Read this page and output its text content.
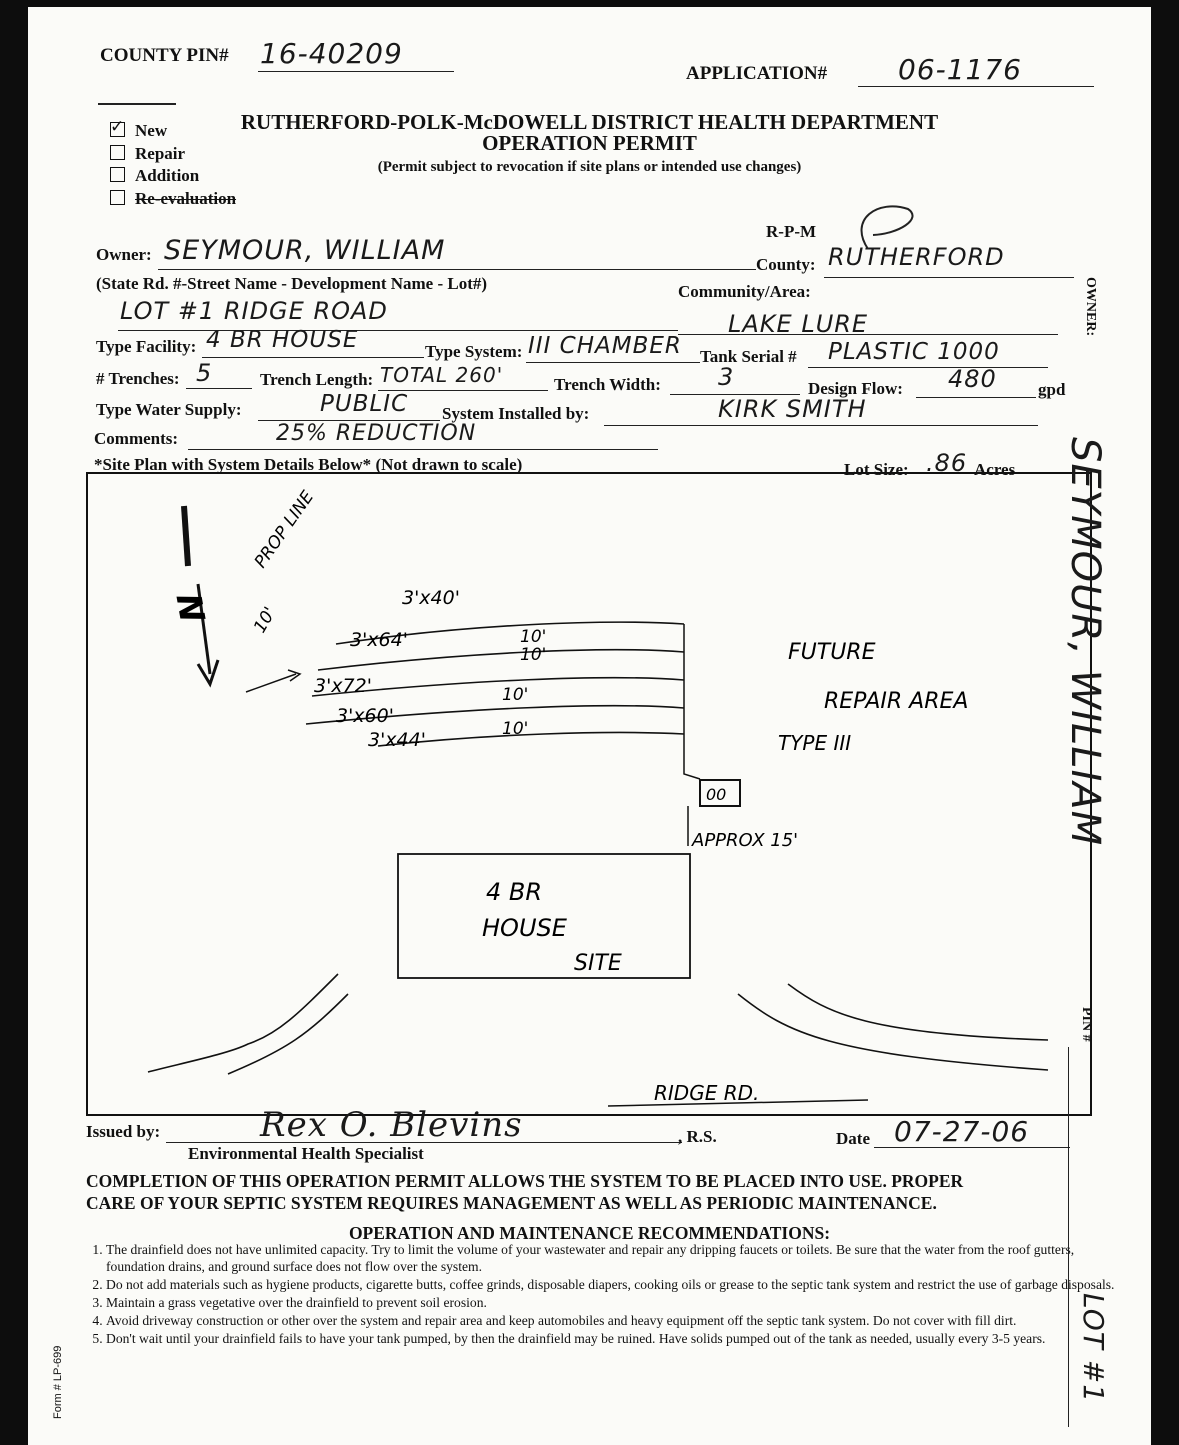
COUNTY PIN# 16-40209
APPLICATION#	06-1176
RUTHERFORD-POLK-McDOWELL DISTRICT HEALTH DEPARTMENT
OPERATION PERMIT
(Permit subject to revocation if site plans or intended use changes)
✓New
Repair
Addition
Re-evaluation
R-P-M
Owner: SEYMOUR, WILLIAM	County: RUTHERFORD
(State Rd. #-Street Name - Development Name - Lot#)	Community/Area:
LOT #1 RIDGE ROAD	LAKE LURE
Type Facility: 4 BR HOUSE	Type System: III CHAMBER Tank Serial # PLASTIC 1000
# Trenches: 5	Trench Length: TOTAL 260'	Trench Width: 3	Design Flow: 480 gpd
Type Water Supply:	PUBLIC System Installed by:	KIRK SMITH
Comments:	25% REDUCTION
*Site Plan with System Details Below* (Not drawn to scale)	Lot Size: .86 Acres
N
PROP LINE
10'
3'x40'
3'x64'
3'x72'
3'x60'
3'x44'
10'
10'
10'
10'
00
APPROX 15'
4 BR
HOUSE
SITE
FUTURE
REPAIR AREA
TYPE III
RIDGE RD.
Issued by:	Rex O. Blevins	, R.S.
Environmental Health Specialist
Date 07-27-06
COMPLETION OF THIS OPERATION PERMIT ALLOWS THE SYSTEM TO BE PLACED INTO USE. PROPER
CARE OF YOUR SEPTIC SYSTEM REQUIRES MANAGEMENT AS WELL AS PERIODIC MAINTENANCE.
OPERATION AND MAINTENANCE RECOMMENDATIONS:
1. The drainfield does not have unlimited capacity. Try to limit the volume of your wastewater and repair any dripping faucets or toilets. Be sure that the water from the roof gutters, foundation drains, and ground surface does not flow over the system.
2. Do not add materials such as hygiene products, cigarette butts, coffee grinds, disposable diapers, cooking oils or grease to the septic tank system and restrict the use of garbage disposals.
3. Maintain a grass vegetative over the drainfield to prevent soil erosion.
4. Avoid driveway construction or other over the system and repair area and keep automobiles and heavy equipment off the septic tank system. Do not cover with fill dirt.
5. Don't wait until your drainfield fails to have your tank pumped, by then the drainfield may be ruined. Have solids pumped out of the tank as needed, usually every 3-5 years.
OWNER:
SEYMOUR, WILLIAM
PIN #
LOT #1
Form # LP-699
